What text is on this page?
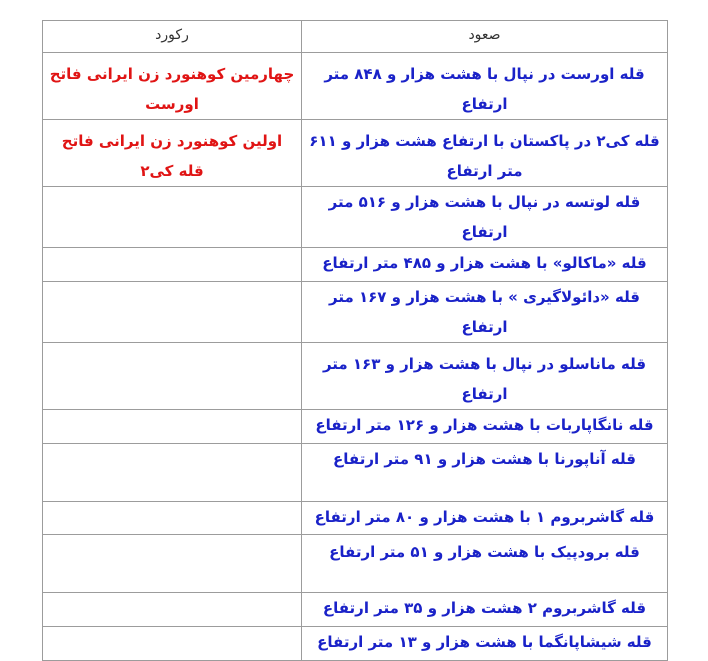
صعود	رکورد
قله اورست در نپال با هشت هزار و ۸۴۸ متر ارتفاع	چهارمین کوهنورد زن ایرانی فاتح اورست
قله کی۲ در پاکستان با ارتفاع هشت هزار و ۶۱۱ متر ارتفاع	اولین کوهنورد زن ایرانی فاتح قله کی۲
قله لوتسه در نپال با هشت هزار و ۵۱۶ متر ارتفاع	
قله «ماکالو» با هشت هزار و ۴۸۵ متر ارتفاع	
قله «دائولاگیری » با هشت هزار و ۱۶۷ متر ارتفاع	
قله ماناسلو در نپال با هشت هزار و ۱۶۳ متر ارتفاع	
قله نانگاپاربات با هشت هزار و ۱۲۶ متر ارتفاع	
قله آناپورنا با هشت هزار و ۹۱ متر ارتفاع	
قله گاشربروم ۱ با هشت هزار و ۸۰ متر ارتفاع	
قله برودپیک با هشت هزار و ۵۱ متر ارتفاع	
قله گاشربروم ۲ هشت هزار و ۳۵ متر ارتفاع	
قله شیشاپانگما با هشت هزار و ۱۳ متر ارتفاع	
